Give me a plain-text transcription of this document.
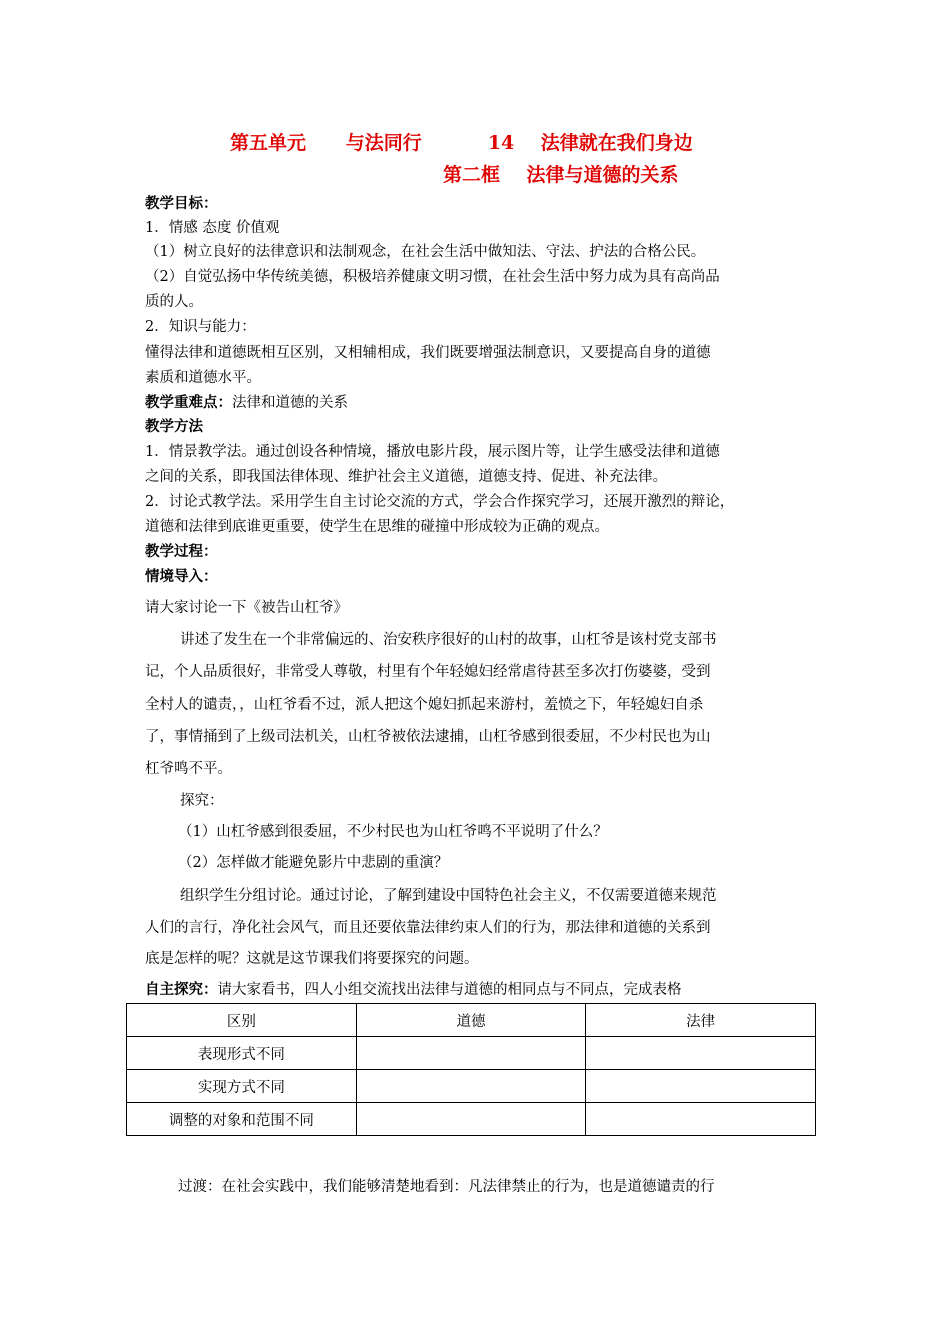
第五单元      与法同行          14    法律就在我们身边
第二框    法律与道德的关系
教学目标：
1．情感 态度 价值观
（1）树立良好的法律意识和法制观念，在社会生活中做知法、守法、护法的合格公民。
（2）自觉弘扬中华传统美德，积极培养健康文明习惯，在社会生活中努力成为具有高尚品
质的人。
2．知识与能力：
懂得法律和道德既相互区别，又相辅相成，我们既要增强法制意识，又要提高自身的道德
素质和道德水平。
教学重难点：法律和道德的关系
教学方法
1．情景教学法。通过创设各种情境，播放电影片段，展示图片等，让学生感受法律和道德
之间的关系，即我国法律体现、维护社会主义道德，道德支持、促进、补充法律。
2．讨论式教学法。采用学生自主讨论交流的方式，学会合作探究学习，还展开激烈的辩论，
道德和法律到底谁更重要，使学生在思维的碰撞中形成较为正确的观点。
教学过程：
情境导入：
请大家讨论一下《被告山杠爷》
讲述了发生在一个非常偏远的、治安秩序很好的山村的故事，山杠爷是该村党支部书
记，个人品质很好，非常受人尊敬，村里有个年轻媳妇经常虐待甚至多次打伤婆婆，受到
全村人的谴责，，山杠爷看不过，派人把这个媳妇抓起来游村，羞愤之下，年轻媳妇自杀
了，事情捅到了上级司法机关，山杠爷被依法逮捕，山杠爷感到很委屈，不少村民也为山
杠爷鸣不平。
探究：
（1）山杠爷感到很委屈，不少村民也为山杠爷鸣不平说明了什么？
（2）怎样做才能避免影片中悲剧的重演？
组织学生分组讨论。通过讨论，了解到建设中国特色社会主义，不仅需要道德来规范
人们的言行，净化社会风气，而且还要依靠法律约束人们的行为，那法律和道德的关系到
底是怎样的呢？这就是这节课我们将要探究的问题。
自主探究：请大家看书，四人小组交流找出法律与道德的相同点与不同点，完成表格
区别	道德	法律
表现形式不同		
实现方式不同		
调整的对象和范围不同		
过渡：在社会实践中，我们能够清楚地看到：凡法律禁止的行为，也是道德谴责的行
